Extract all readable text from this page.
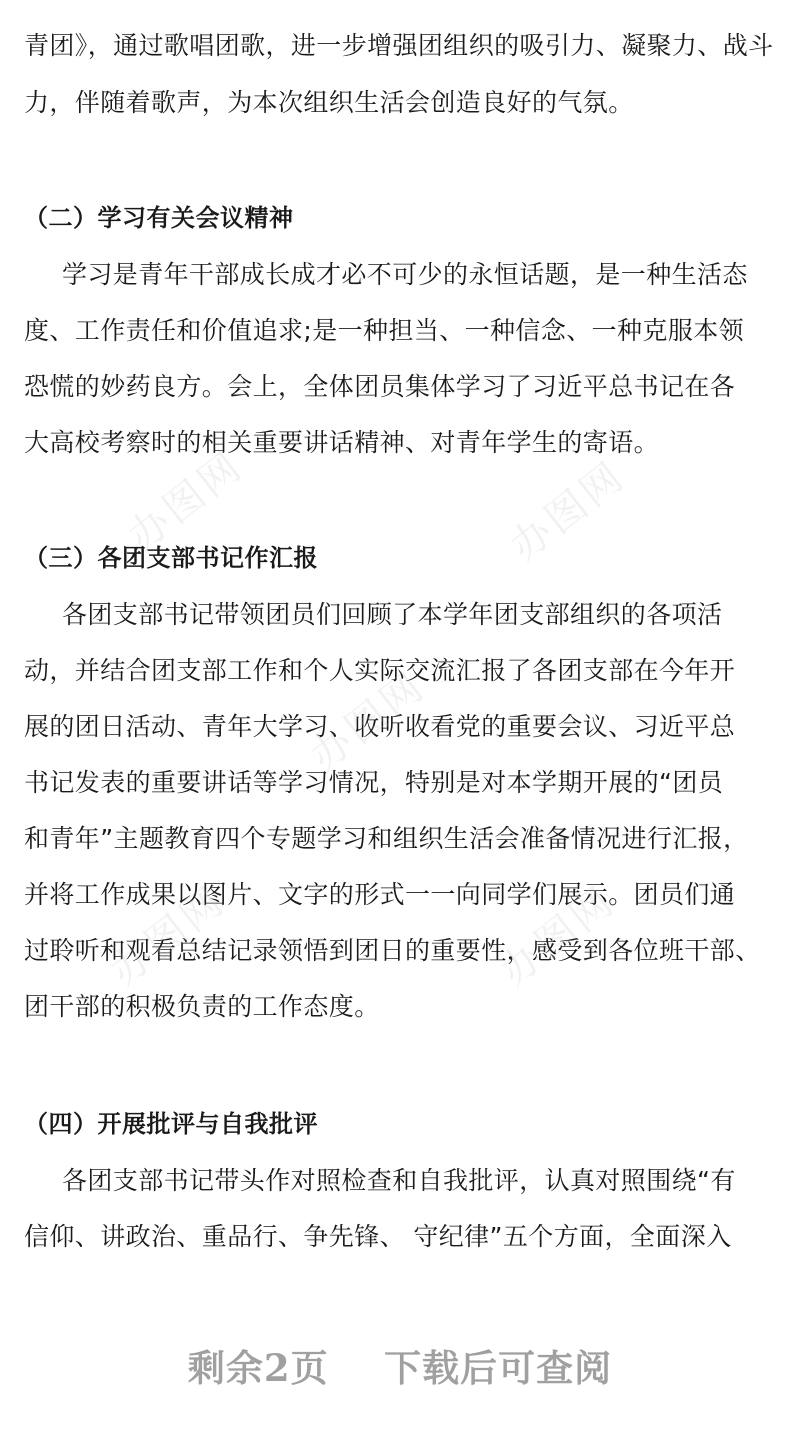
青团》，通过歌唱团歌，进一步增强团组织的吸引力、凝聚力、战斗
力，伴随着歌声，为本次组织生活会创造良好的气氛。
（二）学习有关会议精神
学习是青年干部成长成才必不可少的永恒话题，是一种生活态
度、工作责任和价值追求;是一种担当、一种信念、一种克服本领
恐慌的妙药良方。会上，全体团员集体学习了习近平总书记在各
大高校考察时的相关重要讲话精神、对青年学生的寄语。
（三）各团支部书记作汇报
各团支部书记带领团员们回顾了本学年团支部组织的各项活
动，并结合团支部工作和个人实际交流汇报了各团支部在今年开
展的团日活动、青年大学习、收听收看党的重要会议、习近平总
书记发表的重要讲话等学习情况，特别是对本学期开展的“团员
和青年”主题教育四个专题学习和组织生活会准备情况进行汇报，
并将工作成果以图片、文字的形式一一向同学们展示。团员们通
过聆听和观看总结记录领悟到团日的重要性，感受到各位班干部、
团干部的积极负责的工作态度。
（四）开展批评与自我批评
各团支部书记带头作对照检查和自我批评，认真对照围绕“有
信仰、讲政治、重品行、争先锋、 守纪律”五个方面，全面深入
办图网	办图网
办图网
办图网	办图网
剩余2页    下载后可查阅
